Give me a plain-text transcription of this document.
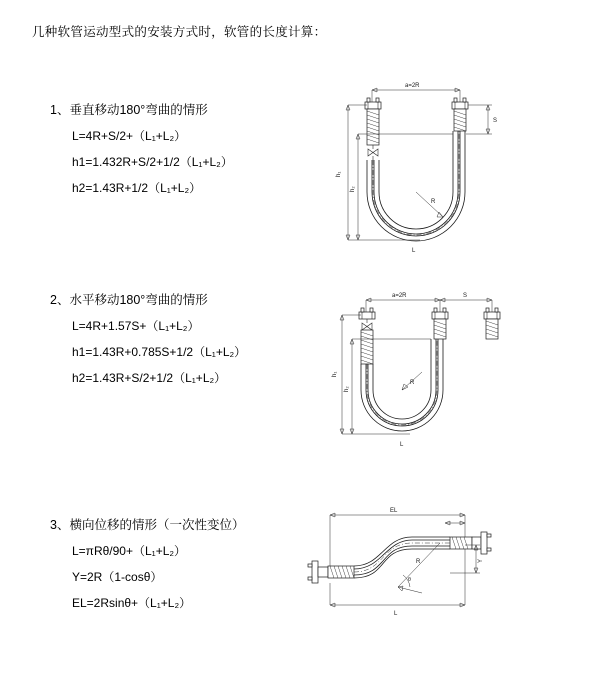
几种软管运动型式的安装方式时，软管的长度计算：
1、垂直移动180°弯曲的情形
L=4R+S/2+（L₁+L₂）
h1=1.432R+S/2+1/2（L₁+L₂）
h2=1.43R+1/2（L₁+L₂）
a=2R
R
h₁
h₂
S
L
2、水平移动180°弯曲的情形
L=4R+1.57S+（L₁+L₂）
h1=1.43R+0.785S+1/2（L₁+L₂）
h2=1.43R+S/2+1/2（L₁+L₂）
a=2R	S
R
h₁
h₂
L
3、横向位移的情形（一次性变位）
L=πRθ/90+（L₁+L₂）
Y=2R（1-cosθ）
EL=2Rsinθ+（L₁+L₂）
EL
R
θ
Y
L
